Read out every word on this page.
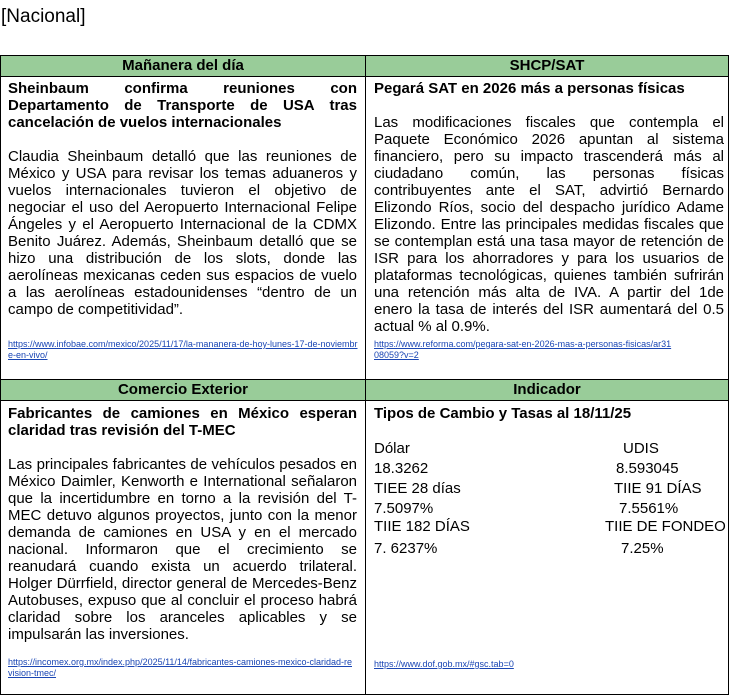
[Nacional]
Mañanera del día

Sheinbaum confirma reuniones con Departamento de Transporte de USA tras cancelación de vuelos internacionales

Claudia Sheinbaum detalló que las reuniones de México y USA para revisar los temas aduaneros y vuelos internacionales tuvieron el objetivo de negociar el uso del Aeropuerto Internacional Felipe Ángeles y el Aeropuerto Internacional de la CDMX Benito Juárez. Además, Sheinbaum detalló que se hizo una distribución de los slots, donde las aerolíneas mexicanas ceden sus espacios de vuelo a las aerolíneas estadounidenses “dentro de un campo de competitividad”.

https://www.infobae.com/mexico/2025/11/17/la-mananera-de-hoy-lunes-17-de-noviembre-en-vivo/

SHCP/SAT

Pegará SAT en 2026 más a personas físicas

Las modificaciones fiscales que contempla el Paquete Económico 2026 apuntan al sistema financiero, pero su impacto trascenderá más al ciudadano común, las personas físicas contribuyentes ante el SAT, advirtió Bernardo Elizondo Ríos, socio del despacho jurídico Adame Elizondo. Entre las principales medidas fiscales que se contemplan está una tasa mayor de retención de ISR para los ahorradores y para los usuarios de plataformas tecnológicas, quienes también sufrirán una retención más alta de IVA. A partir del 1de enero la tasa de interés del ISR aumentará del 0.5 actual % al 0.9%.

https://www.reforma.com/pegara-sat-en-2026-mas-a-personas-fisicas/ar3108059?v=2

Comercio Exterior

Fabricantes de camiones en México esperan claridad tras revisión del T-MEC

Las principales fabricantes de vehículos pesados en México Daimler, Kenworth e International señalaron que la incertidumbre en torno a la revisión del T-MEC detuvo algunos proyectos, junto con la menor demanda de camiones en USA y en el mercado nacional. Informaron que el crecimiento se reanudará cuando exista un acuerdo trilateral. Holger Dürrfield, director general de Mercedes-Benz Autobuses, expuso que al concluir el proceso habrá claridad sobre los aranceles aplicables y se impulsarán las inversiones.

https://incomex.org.mx/index.php/2025/11/14/fabricantes-camiones-mexico-claridad-revision-tmec/

Indicador

Tipos de Cambio y Tasas al 18/11/25

Dólar	UDIS
18.3262	8.593045
TIEE 28 días	TIIE 91 DÍAS
7.5097%	7.5561%
TIIE 182 DÍAS	TIIE DE FONDEO
7. 6237%	7.25%

https://www.dof.gob.mx/#gsc.tab=0
